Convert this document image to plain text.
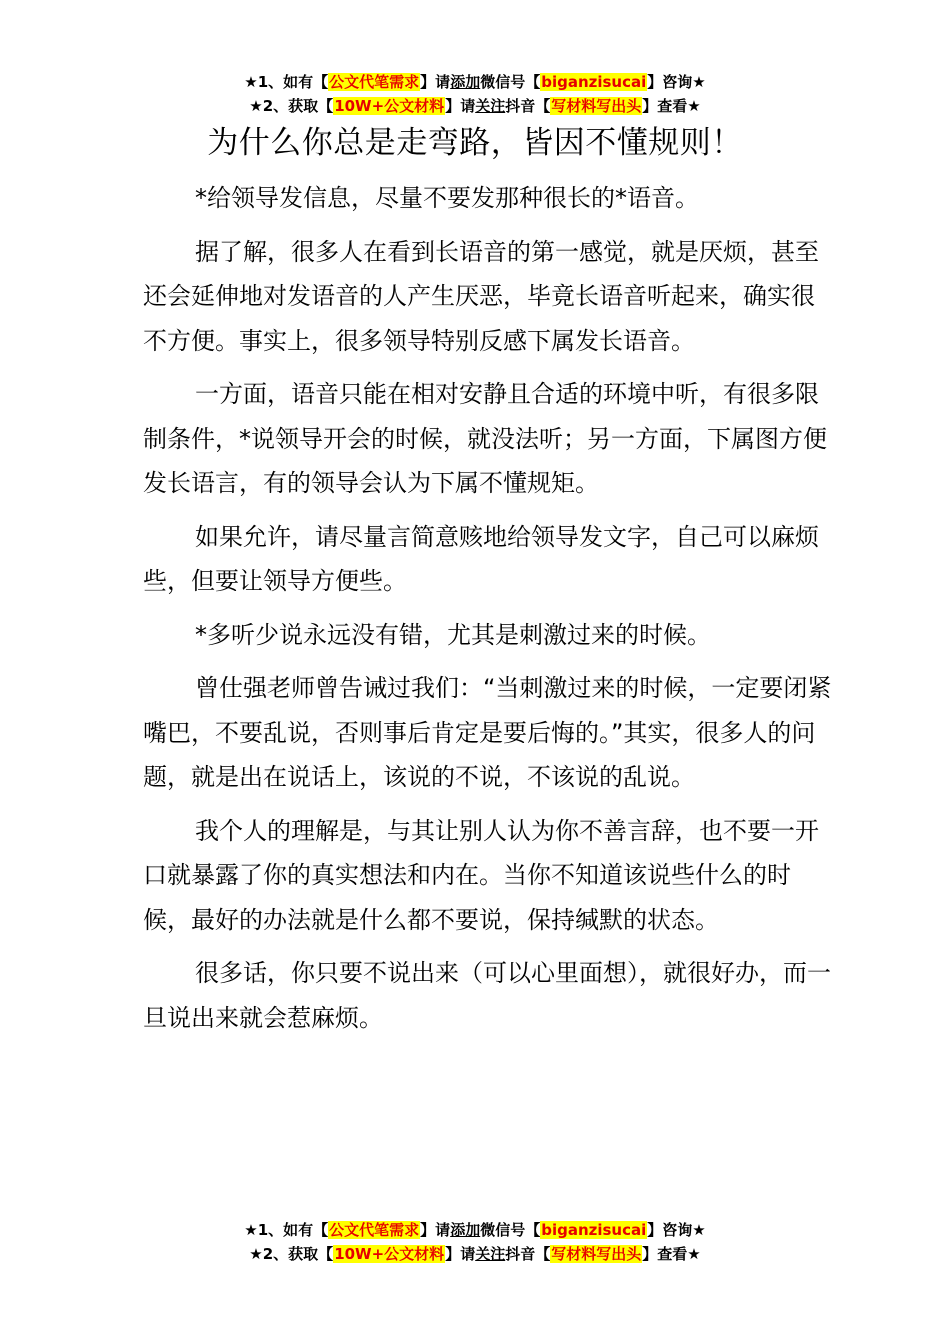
★1、如有【公文代笔需求】请添加微信号【biganzisucai】咨询★
★2、获取【10W+公文材料】请关注抖音【写材料写出头】查看★
为什么你总是走弯路，皆因不懂规则！

*给领导发信息，尽量不要发那种很长的*语音。

据了解，很多人在看到长语音的第一感觉，就是厌烦，甚至还会延伸地对发语音的人产生厌恶，毕竟长语音听起来，确实很不方便。事实上，很多领导特别反感下属发长语音。

一方面，语音只能在相对安静且合适的环境中听，有很多限制条件，*说领导开会的时候，就没法听；另一方面，下属图方便发长语言，有的领导会认为下属不懂规矩。

如果允许，请尽量言简意赅地给领导发文字，自己可以麻烦些，但要让领导方便些。

*多听少说永远没有错，尤其是刺激过来的时候。

曾仕强老师曾告诫过我们：“当刺激过来的时候，一定要闭紧嘴巴，不要乱说，否则事后肯定是要后悔的。”其实，很多人的问题，就是出在说话上，该说的不说，不该说的乱说。

我个人的理解是，与其让别人认为你不善言辞，也不要一开口就暴露了你的真实想法和内在。当你不知道该说些什么的时候，最好的办法就是什么都不要说，保持缄默的状态。

很多话，你只要不说出来（可以心里面想），就很好办，而一旦说出来就会惹麻烦。

★1、如有【公文代笔需求】请添加微信号【biganzisucai】咨询★
★2、获取【10W+公文材料】请关注抖音【写材料写出头】查看★
